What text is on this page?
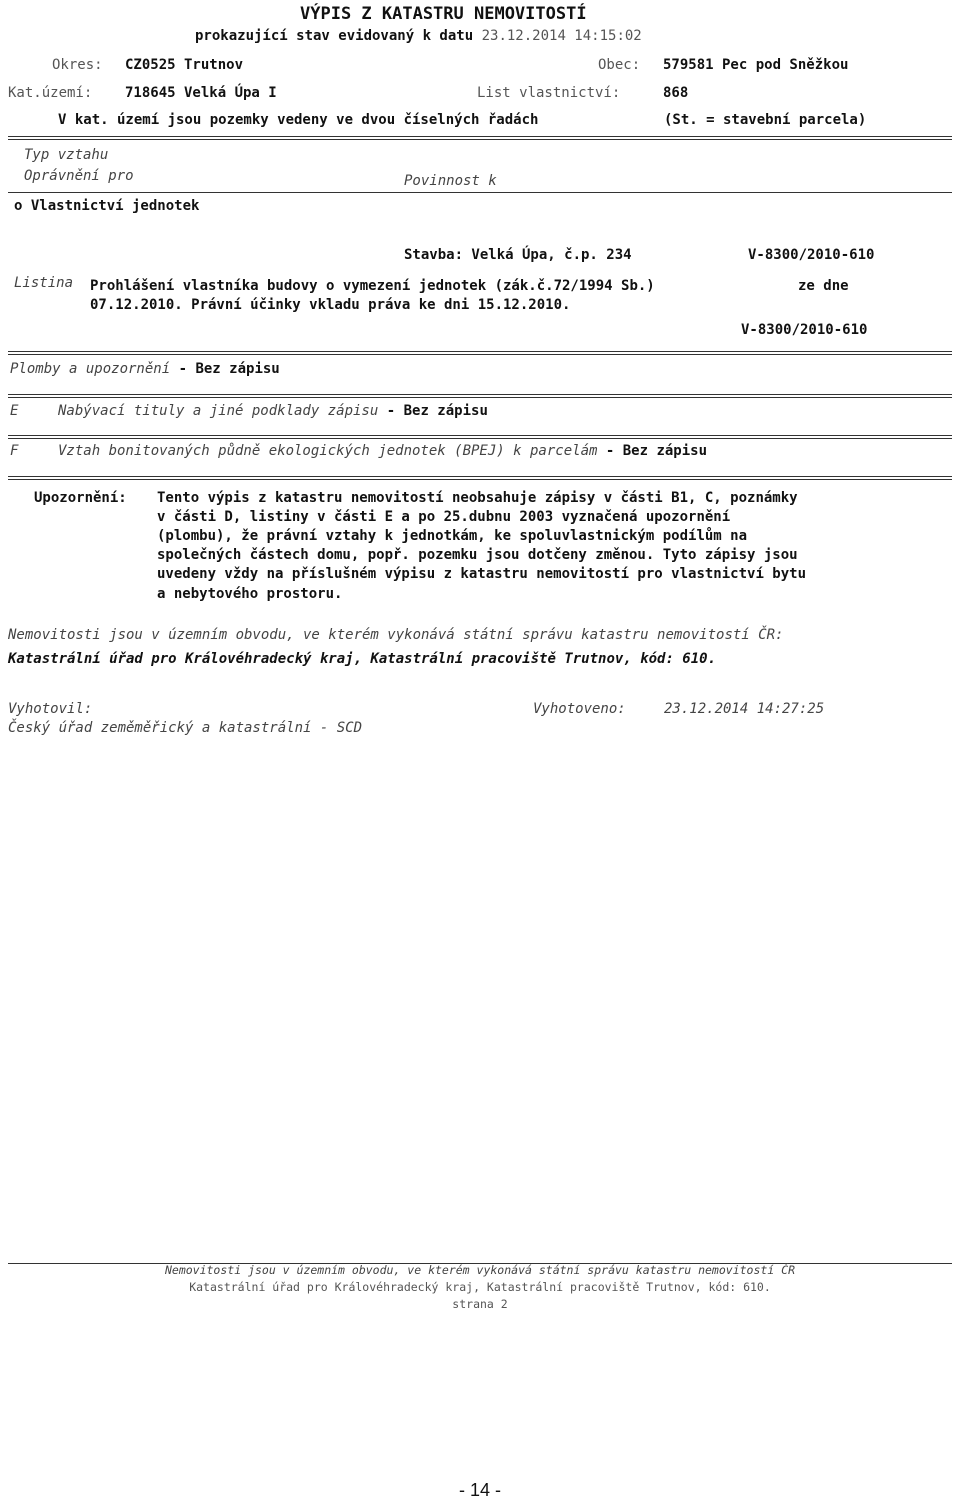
VÝPIS Z KATASTRU NEMOVITOSTÍ
prokazující stav evidovaný k datu 23.12.2014 14:15:02
Okres: CZ0525 Trutnov	Obec: 579581 Pec pod Sněžkou
Kat.území: 718645 Velká Úpa I	List vlastnictví:	868
V kat. území jsou pozemky vedeny ve dvou číselných řadách	(St. = stavební parcela)
Typ vztahu
Oprávnění pro	Povinnost k
o Vlastnictví jednotek
Stavba: Velká Úpa, č.p. 234	V-8300/2010-610
Listina Prohlášení vlastníka budovy o vymezení jednotek (zák.č.72/1994 Sb.)	ze dne
07.12.2010. Právní účinky vkladu práva ke dni 15.12.2010.
V-8300/2010-610
Plomby a upozornění - Bez zápisu
E	Nabývací tituly a jiné podklady zápisu - Bez zápisu
F	Vztah bonitovaných půdně ekologických jednotek (BPEJ) k parcelám - Bez zápisu
Upozornění: Tento výpis z katastru nemovitostí neobsahuje zápisy v části B1, C, poznámky
v části D, listiny v části E a po 25.dubnu 2003 vyznačená upozornění
(plombu), že právní vztahy k jednotkám, ke spoluvlastnickým podílům na
společných částech domu, popř. pozemku jsou dotčeny změnou. Tyto zápisy jsou
uvedeny vždy na příslušném výpisu z katastru nemovitostí pro vlastnictví bytu
a nebytového prostoru.
Nemovitosti jsou v územním obvodu, ve kterém vykonává státní správu katastru nemovitostí ČR:
Katastrální úřad pro Královéhradecký kraj, Katastrální pracoviště Trutnov, kód: 610.
Vyhotovil:
Český úřad zeměměřický a katastrální - SCD
Vyhotoveno:	23.12.2014 14:27:25
Nemovitosti jsou v územním obvodu, ve kterém vykonává státní správu katastru nemovitostí ČR
Katastrální úřad pro Královéhradecký kraj, Katastrální pracoviště Trutnov, kód: 610.
strana 2
- 14 -
